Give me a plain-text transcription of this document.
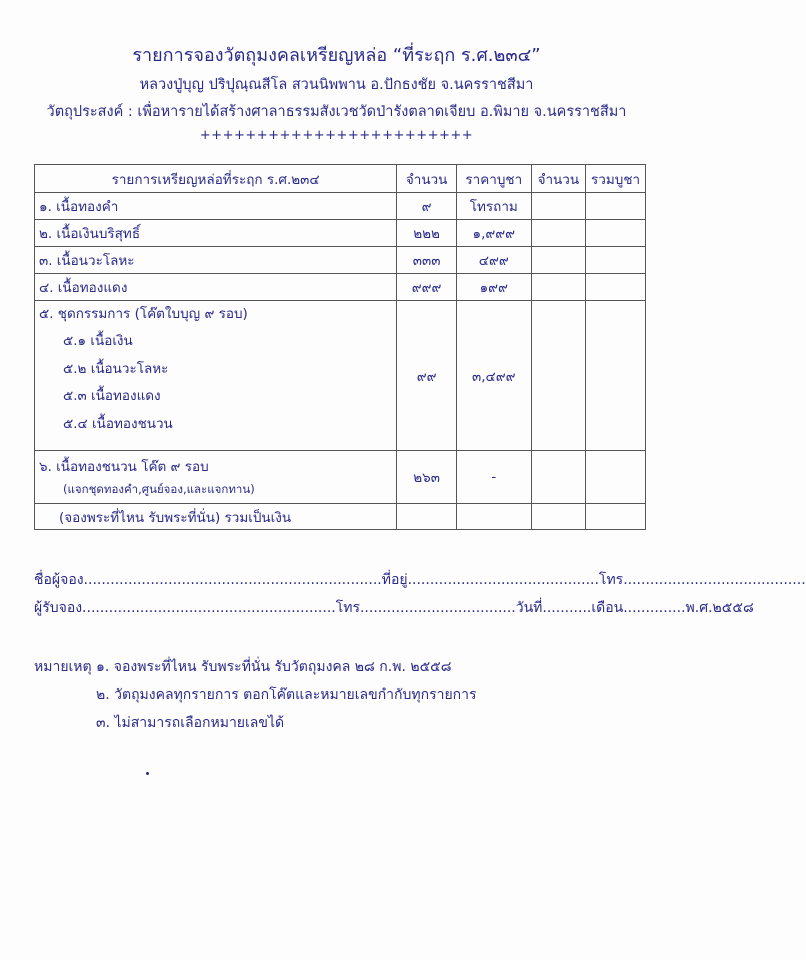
รายการจองวัตถุมงคลเหรียญหล่อ “ที่ระฤก ร.ศ.๒๓๔”
หลวงปู่บุญ ปริปุณฺณสีโล สวนนิพพาน อ.ปักธงชัย จ.นครราชสีมา
วัตถุประสงค์ : เพื่อหารายได้สร้างศาลาธรรมสังเวชวัดป่ารังตลาดเจียบ อ.พิมาย จ.นครราชสีมา
++++++++++++++++++++++++
รายการเหรียญหล่อที่ระฤก ร.ศ.๒๓๔	จำนวน	ราคาบูชา	จำนวน	รวมบูชา
๑. เนื้อทองคำ	๙	โทรถาม		
๒. เนื้อเงินบริสุทธิ์	๒๒๒	๑,๙๙๙		
๓. เนื้อนวะโลหะ	๓๓๓	๔๙๙		
๔. เนื้อทองแดง	๙๙๙	๑๙๙		

๕. ชุดกรรมการ (โค๊ตใบบุญ ๙ รอบ)
๕.๑ เนื้อเงิน
๕.๒ เนื้อนวะโลหะ
๕.๓ เนื้อทองแดง
๕.๔ เนื้อทองชนวน	๙๙	๓,๔๙๙		

๖. เนื้อทองชนวน โค๊ต ๙ รอบ
(แจกชุดทองคำ,ศูนย์จอง,และแจกทาน)	๒๖๓	-		
(จองพระที่ไหน รับพระที่นั่น) รวมเป็นเงิน				
ชื่อผู้จอง...................................................................ที่อยู่...........................................โทร.........................................
ผู้รับจอง.........................................................โทร...................................วันที่...........เดือน..............พ.ศ.๒๕๕๘
หมายเหตุ ๑. จองพระที่ไหน รับพระที่นั่น รับวัตถุมงคล ๒๘ ก.พ. ๒๕๕๘
๒. วัตถุมงคลทุกรายการ ตอกโค๊ตและหมายเลขกำกับทุกรายการ
๓. ไม่สามารถเลือกหมายเลขได้
